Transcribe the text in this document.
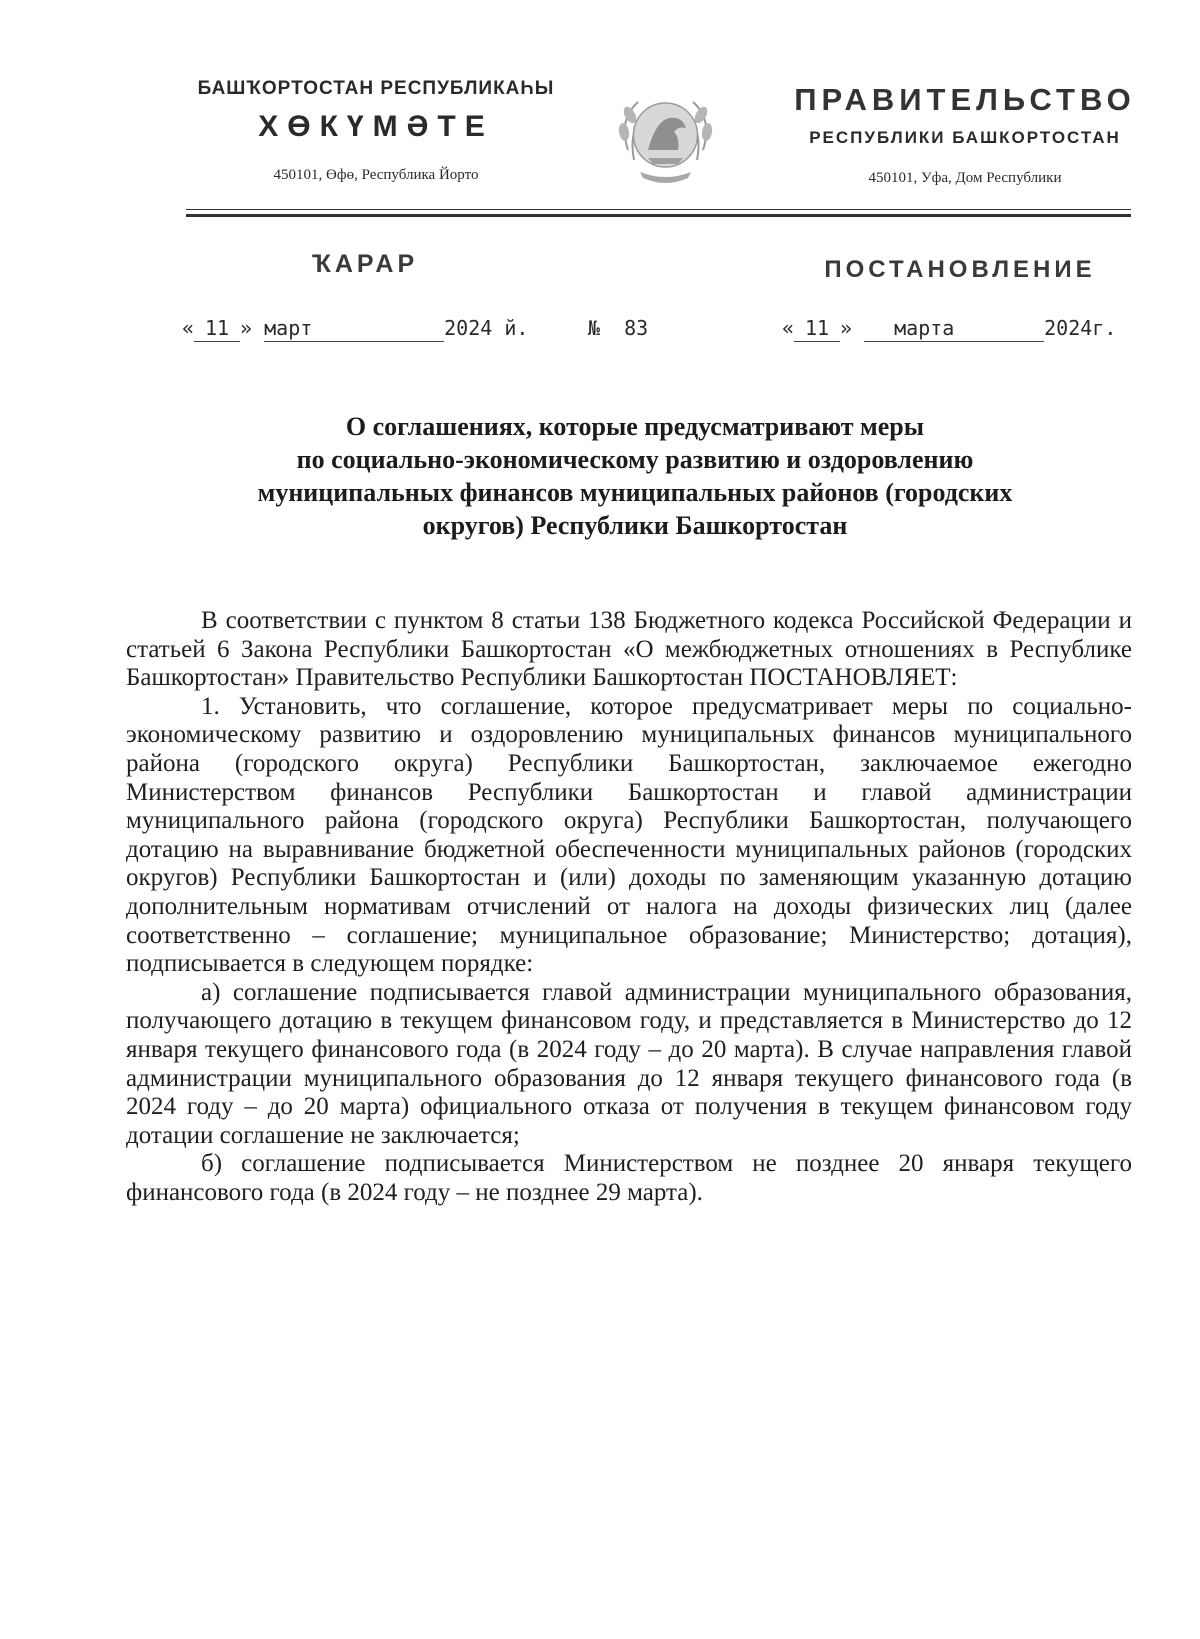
БАШҠОРТОСТАН РЕСПУБЛИКАҺЫ
ХӨКҮМӘТЕ
450101, Өфө, Республика Йорто
ПРАВИТЕЛЬСТВО
РЕСПУБЛИКИ БАШКОРТОСТАН
450101, Уфа, Дом Республики
ҠАРАР	ПОСТАНОВЛЕНИЕ
« 11 » март	2024 й.	№ 83	« 11 » марта	2024г.
О соглашениях, которые предусматривают меры
по социально-экономическому развитию и оздоровлению
муниципальных финансов муниципальных районов (городских
округов) Республики Башкортостан

В соответствии с пунктом 8 статьи 138 Бюджетного кодекса Российской Федерации и статьей 6 Закона Республики Башкортостан «О межбюджетных отношениях в Республике Башкортостан» Правительство Республики Башкортостан ПОСТАНОВЛЯЕТ:

1. Установить, что соглашение, которое предусматривает меры по социально-экономическому развитию и оздоровлению муниципальных финансов муниципального района (городского округа) Республики Башкортостан, заключаемое ежегодно Министерством финансов Республики Башкортостан и главой администрации муниципального района (городского округа) Республики Башкортостан, получающего дотацию на выравнивание бюджетной обеспеченности муниципальных районов (городских округов) Республики Башкортостан и (или) доходы по заменяющим указанную дотацию дополнительным нормативам отчислений от налога на доходы физических лиц (далее соответственно – соглашение; муниципальное образование; Министерство; дотация), подписывается в следующем порядке:

а) соглашение подписывается главой администрации муниципального образования, получающего дотацию в текущем финансовом году, и представляется в Министерство до 12 января текущего финансового года (в 2024 году – до 20 марта). В случае направления главой администрации муниципального образования до 12 января текущего финансового года (в 2024 году – до 20 марта) официального отказа от получения в текущем финансовом году дотации соглашение не заключается;

б) соглашение подписывается Министерством не позднее 20 января текущего финансового года (в 2024 году – не позднее 29 марта).
